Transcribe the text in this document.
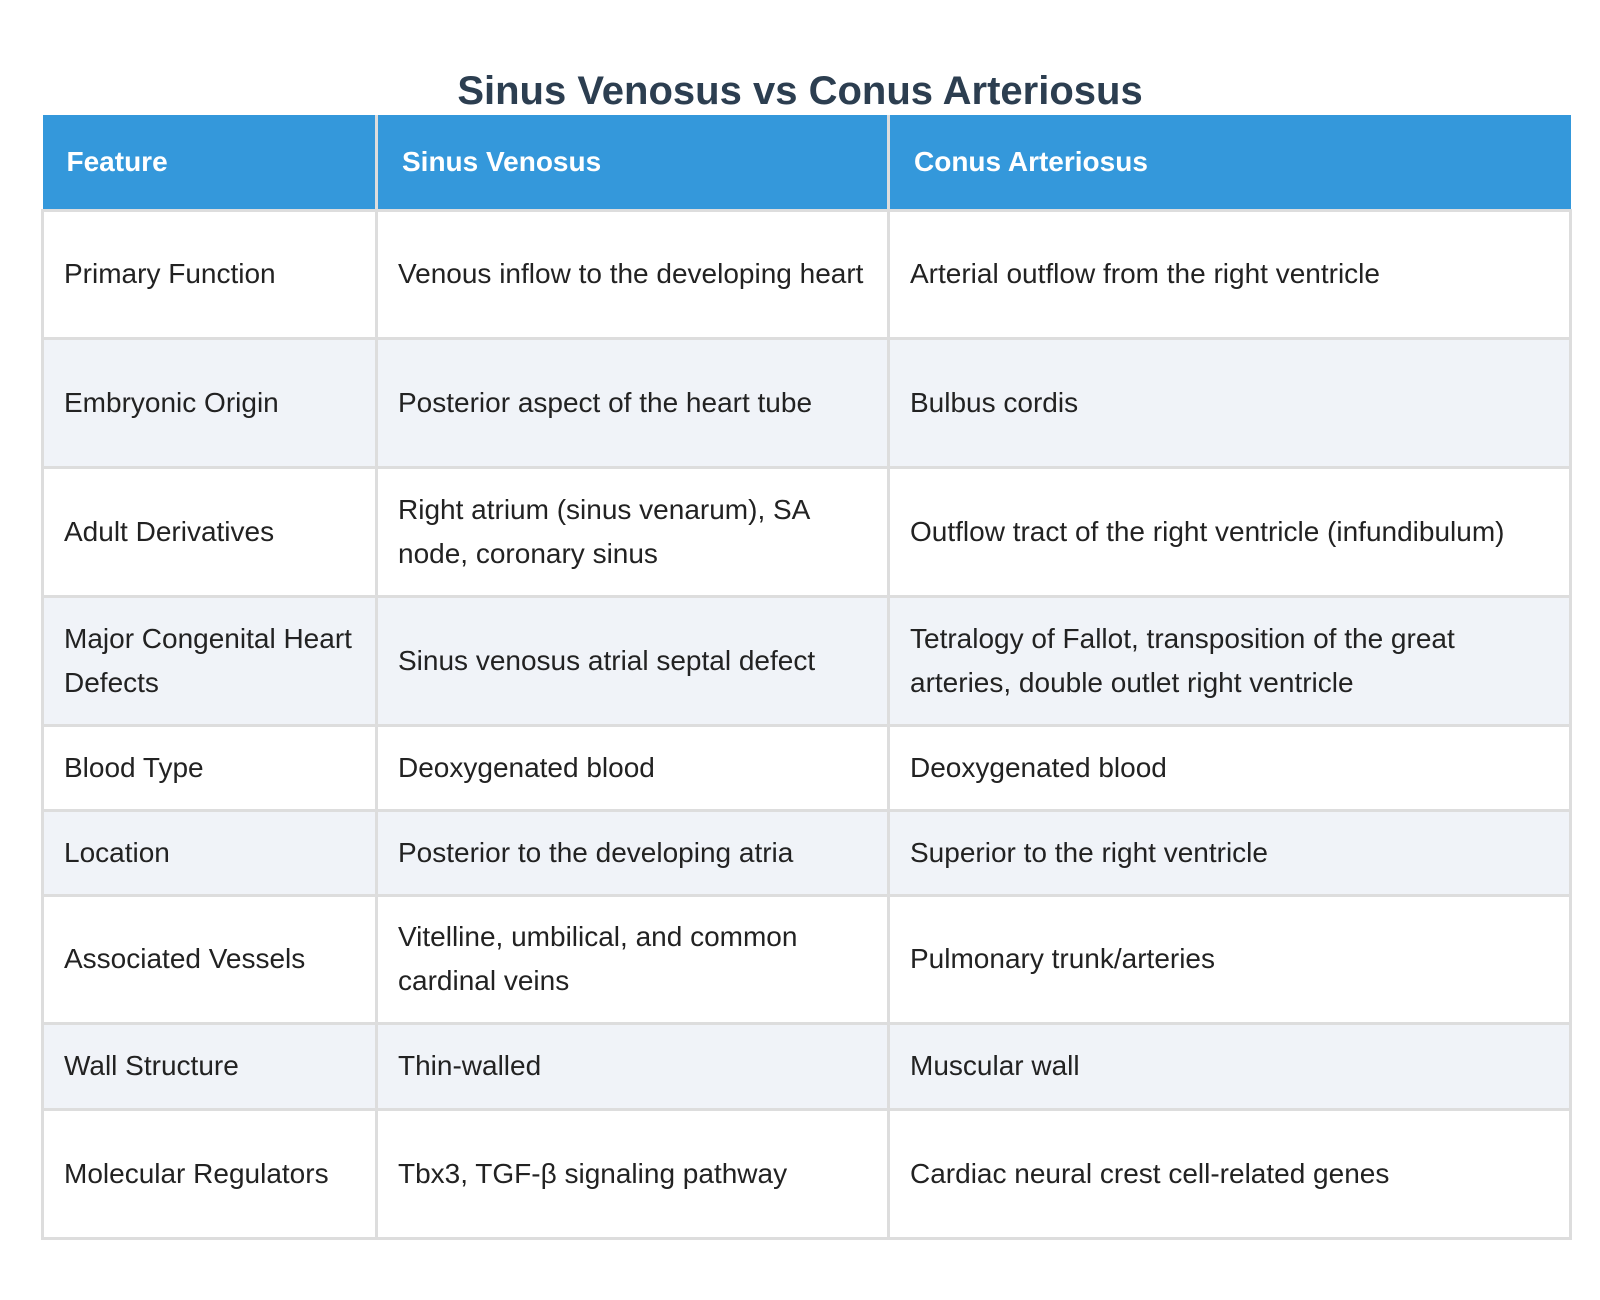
Sinus Venosus vs Conus Arteriosus
Feature	Sinus Venosus	Conus Arteriosus
Primary Function	Venous inflow to the developing heart	Arterial outflow from the right ventricle
Embryonic Origin	Posterior aspect of the heart tube	Bulbus cordis
Adult Derivatives	Right atrium (sinus venarum), SA node, coronary sinus	Outflow tract of the right ventricle (infundibulum)
Major Congenital Heart Defects	Sinus venosus atrial septal defect	Tetralogy of Fallot, transposition of the great arteries, double outlet right ventricle
Blood Type	Deoxygenated blood	Deoxygenated blood
Location	Posterior to the developing atria	Superior to the right ventricle
Associated Vessels	Vitelline, umbilical, and common cardinal veins	Pulmonary trunk/arteries
Wall Structure	Thin-walled	Muscular wall
Molecular Regulators	Tbx3, TGF-β signaling pathway	Cardiac neural crest cell-related genes
